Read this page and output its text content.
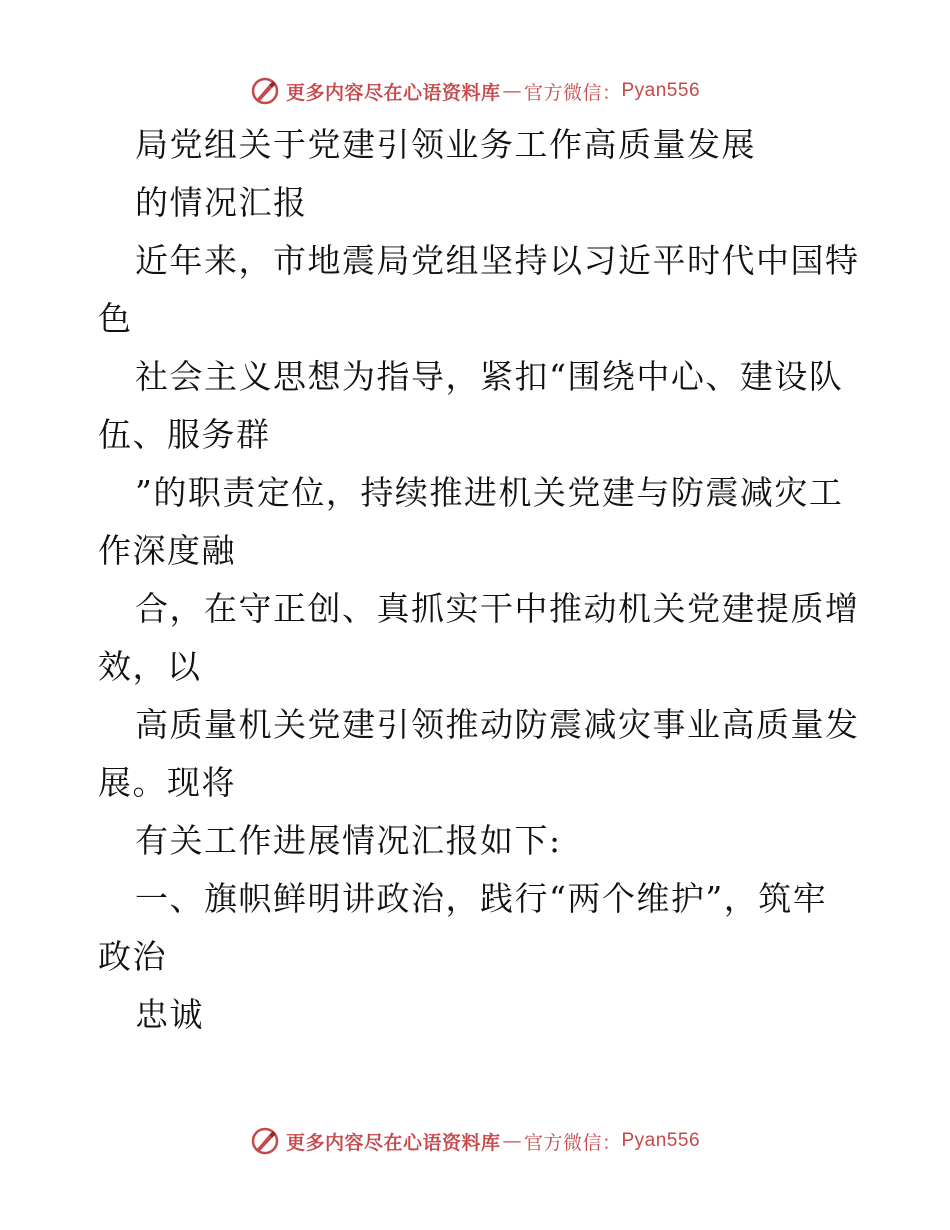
更多内容尽在心语资料库 — 官方微信： Pyan556
局党组关于党建引领业务工作高质量发展
的情况汇报
近年来，市地震局党组坚持以习近平时代中国特
色
社会主义思想为指导，紧扣“围绕中心、建设队
伍、服务群
”的职责定位，持续推进机关党建与防震减灾工
作深度融
合，在守正创、真抓实干中推动机关党建提质增
效，以
高质量机关党建引领推动防震减灾事业高质量发
展。现将
有关工作进展情况汇报如下:
一、旗帜鲜明讲政治，践行“两个维护”，筑牢
政治
忠诚
更多内容尽在心语资料库 — 官方微信： Pyan556
